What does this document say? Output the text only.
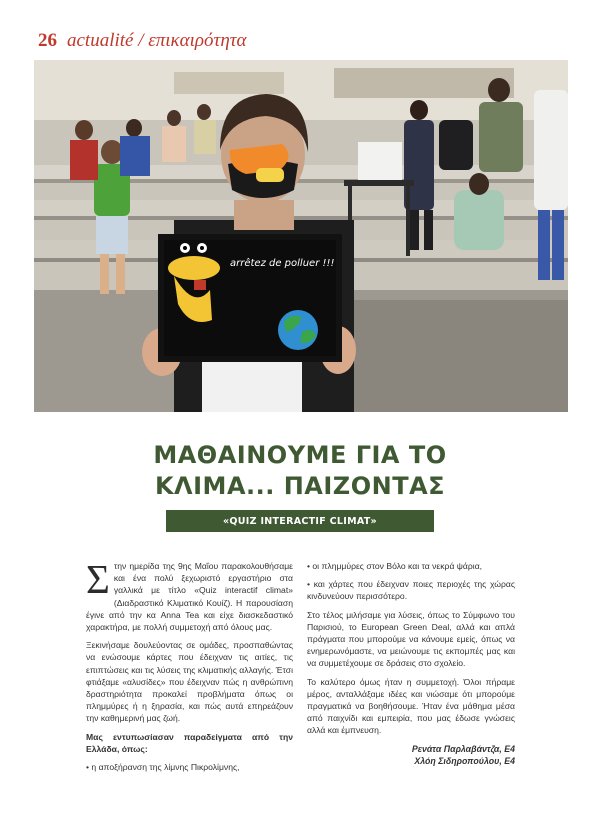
26 actualité / επικαιρότητα
arrêtez de polluer !!!
ΜΑΘΑΙΝΟΥΜΕ ΓΙΑ ΤΟ
ΚΛΙΜΑ... ΠΑΙΖΟΝΤΑΣ
«QUIZ INTERACTIF CLIMAT»

Στην ημερίδα της 9ης Μαΐου παρακολουθήσαμε και ένα πολύ ξεχωριστό εργαστήριο στα γαλλικά με τίτλο «Quiz interactif climat» (Διαδραστικό Κλιματικό Κουίζ). Η παρουσίαση έγινε από την κα Anna Tea και είχε διασκεδαστικό χαρακτήρα, με πολλή συμμετοχή από όλους μας.

Ξεκινήσαμε δουλεύοντας σε ομάδες, προσπαθώντας να ενώσουμε κάρτες που έδειχναν τις αιτίες, τις επιπτώσεις και τις λύσεις της κλιματικής αλλαγής. Έτσι φτιάξαμε «αλυσίδες» που έδειχναν πώς η ανθρώπινη δραστηριότητα προκαλεί προβλήματα όπως οι πλημμύρες ή η ξηρασία, και πώς αυτά επηρεάζουν την καθημερινή μας ζωή.

Μας εντυπωσίασαν παραδείγματα από την Ελλάδα, όπως:

• η αποξήρανση της λίμνης Πικρολίμνης,

• οι πλημμύρες στον Βόλο και τα νεκρά ψάρια,

• και χάρτες που έδειχναν ποιες περιοχές της χώρας κινδυνεύουν περισσότερο.

Στο τέλος μιλήσαμε για λύσεις, όπως το Σύμφωνο του Παρισιού, το European Green Deal, αλλά και απλά πράγματα που μπορούμε να κάνουμε εμείς, όπως να ενημερωνόμαστε, να μειώνουμε τις εκπομπές μας και να συμμετέχουμε σε δράσεις στο σχολείο.

Το καλύτερο όμως ήταν η συμμετοχή. Όλοι πήραμε μέρος, ανταλλάξαμε ιδέες και νιώσαμε ότι μπορούμε πραγματικά να βοηθήσουμε. Ήταν ένα μάθημα μέσα από παιχνίδι και εμπειρία, που μας έδωσε γνώσεις αλλά και έμπνευση.

Ρενάτα Παρλαβάντζα, Ε4
Χλόη Σιδηροπούλου, Ε4
